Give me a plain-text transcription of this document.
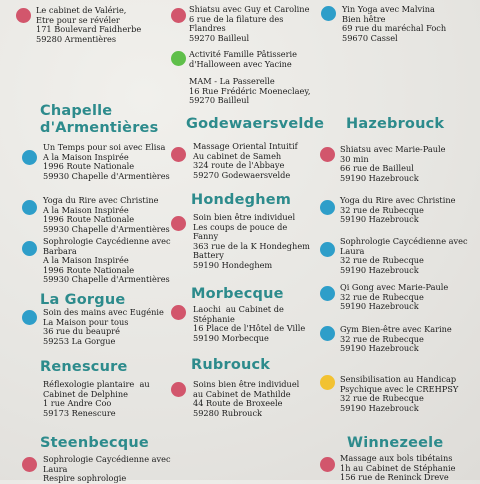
Le cabinet de Valérie,
Etre pour se révéler
171 Boulevard Faidherbe
59280 Armentières
Chapelle
d'Armentières
Un Temps pour soi avec Elisa
A la Maison Inspirée
1996 Route Nationale
59930 Chapelle d'Armentières
Yoga du Rire avec Christine
A la Maison Inspirée
1996 Route Nationale
59930 Chapelle d'Armentières
Sophrologie Caycédienne avec
Barbara
A la Maison Inspirée
1996 Route Nationale
59930 Chapelle d'Armentières
La Gorgue
Soin des mains avec Eugénie
La Maison pour tous
36 rue du beaupré
59253 La Gorgue
Renescure
Réflexologie plantaire  au
Cabinet de Delphine
1 rue Andre Coo
59173 Renescure
Steenbecque
Sophrologie Caycédienne avec
Laura
Respire sophrologie
Shiatsu avec Guy et Caroline
6 rue de la filature des
Flandres
59270 Bailleul
Activité Famille Pâtisserie
d'Halloween avec Yacine
MAM - La Passerelle
16 Rue Frédéric Moeneclaey,
59270 Bailleul
Godewaersvelde
Massage Oriental Intuitif
Au cabinet de Sameh
324 route de l'Abbaye
59270 Godewaersvelde
Hondeghem
Soin bien être individuel
Les coups de pouce de
Fanny
363 rue de la K Hondeghem
Battery
59190 Hondeghem
Morbecque
Laochi  au Cabinet de
Stéphanie
16 Place de l'Hôtel de Ville
59190 Morbecque
Rubrouck
Soins bien être individuel
au Cabinet de Mathilde
44 Route de Broxeele
59280 Rubrouck
Yin Yoga avec Malvina
Bien hêtre
69 rue du maréchal Foch
59670 Cassel
Hazebrouck
Shiatsu avec Marie-Paule
30 min
66 rue de Bailleul
59190 Hazebrouck
Yoga du Rire avec Christine
32 rue de Rubecque
59190 Hazebrouck
Sophrologie Caycédienne avec
Laura
32 rue de Rubecque
59190 Hazebrouck
Qi Gong avec Marie-Paule
32 rue de Rubecque
59190 Hazebrouck
Gym Bien-être avec Karine
32 rue de Rubecque
59190 Hazebrouck
Sensibilisation au Handicap
Psychique avec le CREHPSY
32 rue de Rubecque
59190 Hazebrouck
Winnezeele
Massage aux bols tibétains
1h au Cabinet de Stéphanie
156 rue de Reninck Dreve
